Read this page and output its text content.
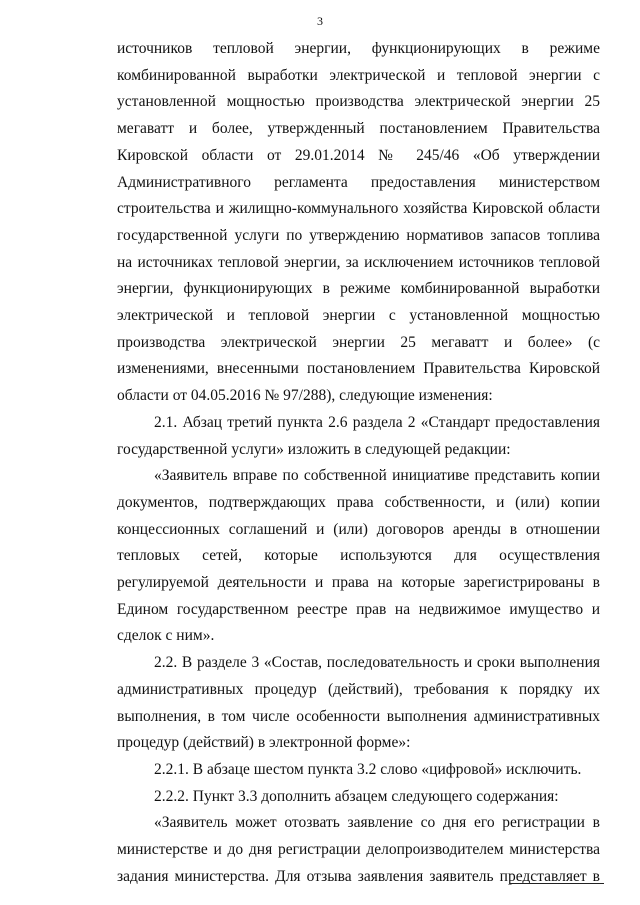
3

источников тепловой энергии, функционирующих в режиме комбинированной выработки электрической и тепловой энергии с установленной мощностью производства электрической энергии 25 мегаватт и более, утвержденный постановлением Правительства Кировской области от 29.01.2014 № 245/46 «Об утверждении Административного регламента предоставления министерством строительства и жилищно-коммунального хозяйства Кировской области государственной услуги по утверждению нормативов запасов топлива на источниках тепловой энергии, за исключением источников тепловой энергии, функционирующих в режиме комбинированной выработки электрической и тепловой энергии с установленной мощностью производства электрической энергии 25 мегаватт и более» (с изменениями, внесенными постановлением Правительства Кировской области от 04.05.2016 № 97/288), следующие изменения:

2.1. Абзац третий пункта 2.6 раздела 2 «Стандарт предоставления государственной услуги» изложить в следующей редакции:

«Заявитель вправе по собственной инициативе представить копии документов, подтверждающих права собственности, и (или) копии концессионных соглашений и (или) договоров аренды в отношении тепловых сетей, которые используются для осуществления регулируемой деятельности и права на которые зарегистрированы в Едином государственном реестре прав на недвижимое имущество и сделок с ним».

2.2. В разделе 3 «Состав, последовательность и сроки выполнения административных процедур (действий), требования к порядку их выполнения, в том числе особенности выполнения административных процедур (действий) в электронной форме»:

2.2.1. В абзаце шестом пункта 3.2 слово «цифровой» исключить.

2.2.2. Пункт 3.3 дополнить абзацем следующего содержания:

«Заявитель может отозвать заявление со дня его регистрации в министерстве и до дня регистрации делопроизводителем министерства задания министерства. Для отзыва заявления заявитель представляет в
